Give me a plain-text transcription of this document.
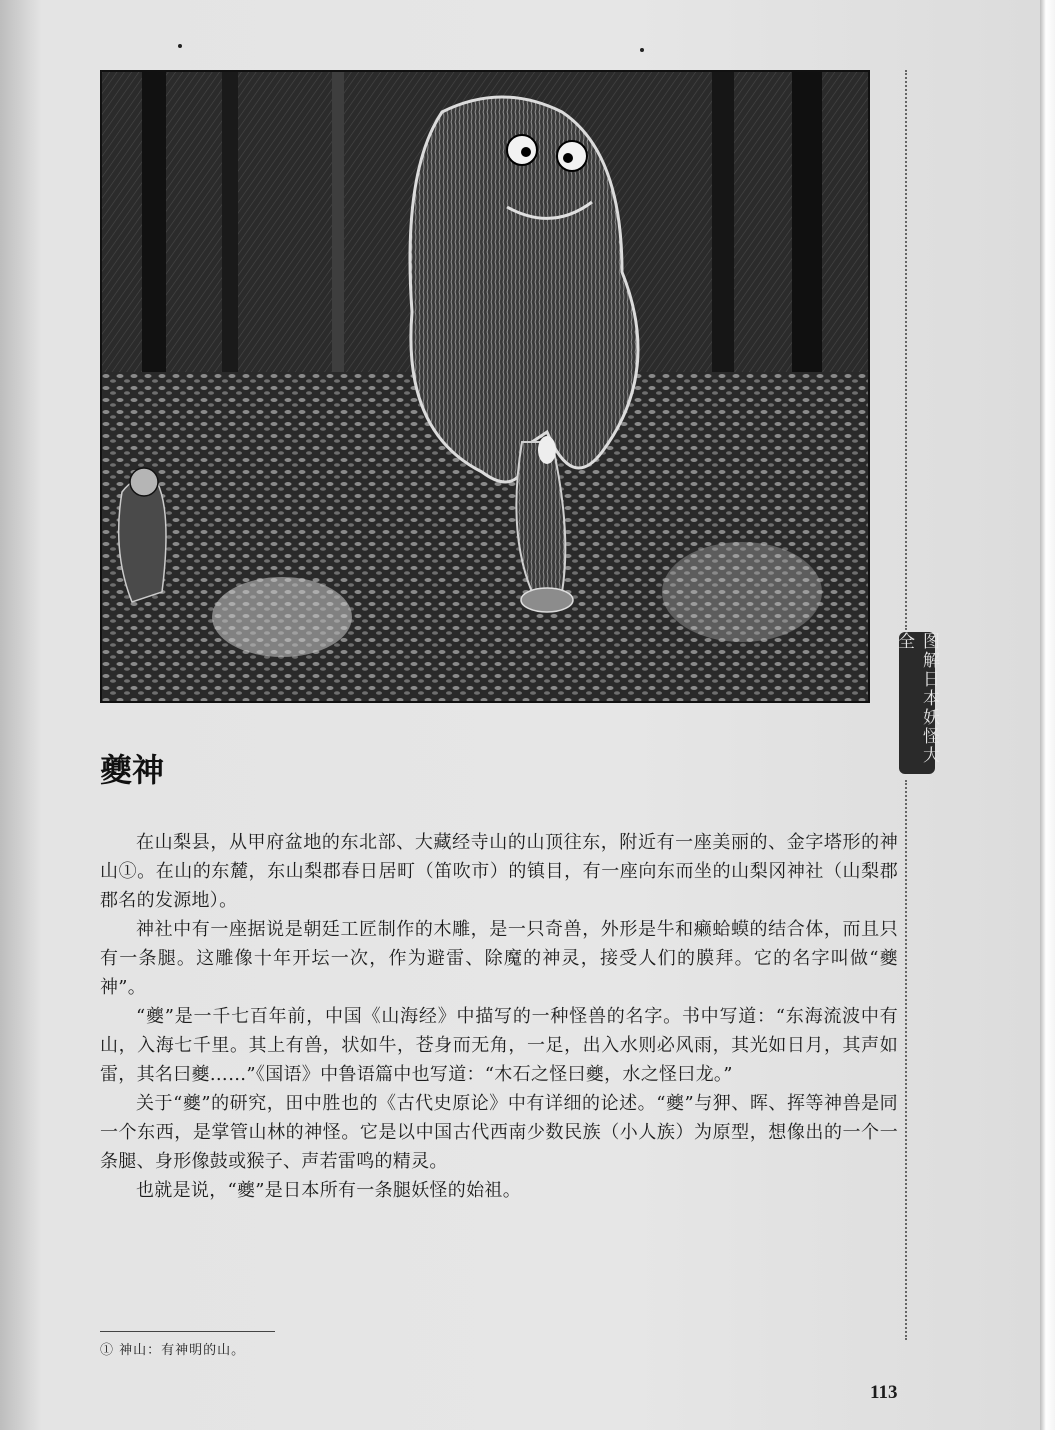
图解日本妖怪大全
夔神

在山梨县，从甲府盆地的东北部、大藏经寺山的山顶往东，附近有一座美丽的、金字塔形的神山①。在山的东麓，东山梨郡春日居町（笛吹市）的镇目，有一座向东而坐的山梨冈神社（山梨郡郡名的发源地）。

神社中有一座据说是朝廷工匠制作的木雕，是一只奇兽，外形是牛和癞蛤蟆的结合体，而且只有一条腿。这雕像十年开坛一次，作为避雷、除魔的神灵，接受人们的膜拜。它的名字叫做“夔神”。

“夔”是一千七百年前，中国《山海经》中描写的一种怪兽的名字。书中写道：“东海流波中有山，入海七千里。其上有兽，状如牛，苍身而无角，一足，出入水则必风雨，其光如日月，其声如雷，其名曰夔……”《国语》中鲁语篇中也写道：“木石之怪曰夔，水之怪曰龙。”

关于“夔”的研究，田中胜也的《古代史原论》中有详细的论述。“夔”与狎、晖、挥等神兽是同一个东西，是掌管山林的神怪。它是以中国古代西南少数民族（小人族）为原型，想像出的一个一条腿、身形像鼓或猴子、声若雷鸣的精灵。

也就是说，“夔”是日本所有一条腿妖怪的始祖。

① 神山：有神明的山。
113
